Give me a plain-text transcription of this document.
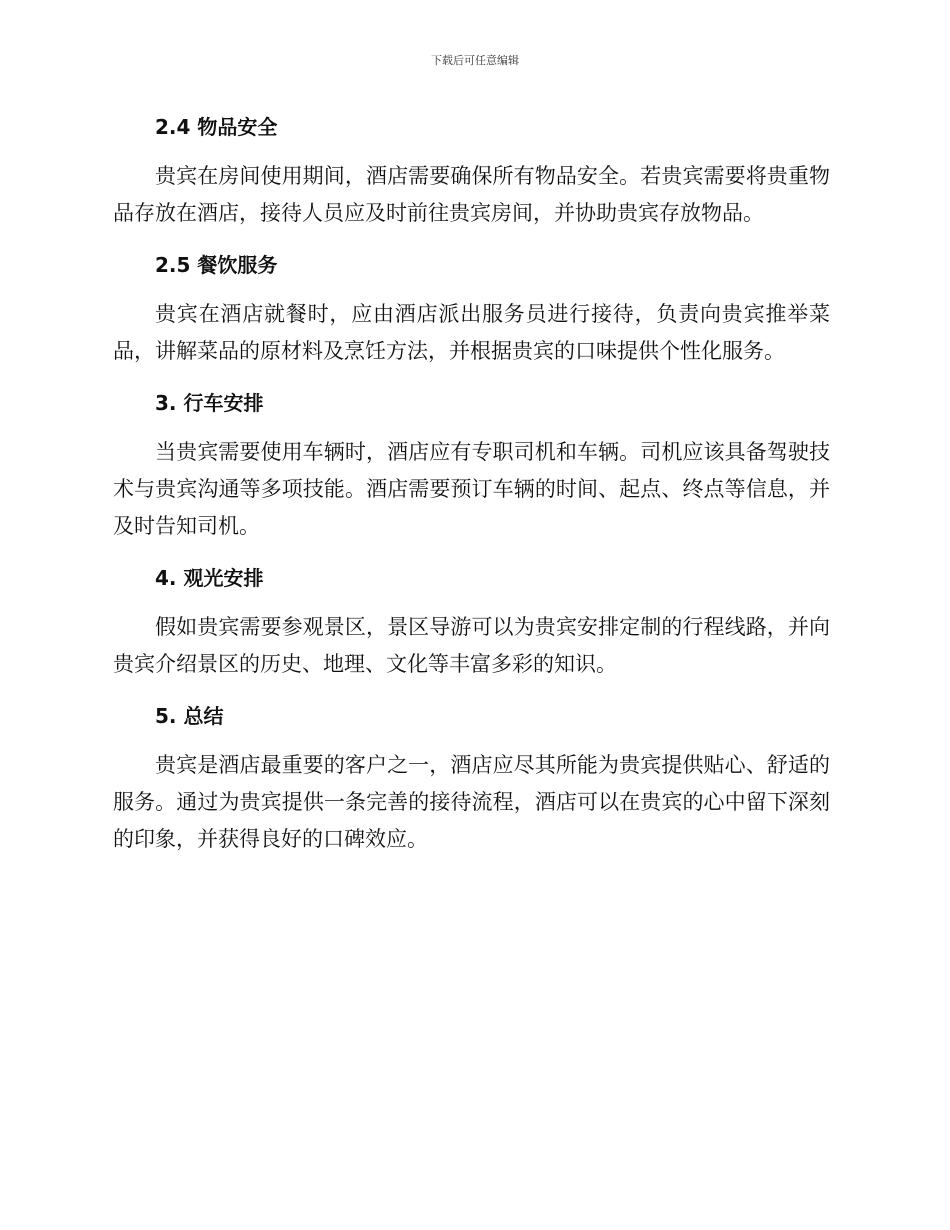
下载后可任意编辑
2.4 物品安全

贵宾在房间使用期间，酒店需要确保所有物品安全。若贵宾需要将贵重物品存放在酒店，接待人员应及时前往贵宾房间，并协助贵宾存放物品。

2.5 餐饮服务

贵宾在酒店就餐时，应由酒店派出服务员进行接待，负责向贵宾推举菜品，讲解菜品的原材料及烹饪方法，并根据贵宾的口味提供个性化服务。

3. 行车安排

当贵宾需要使用车辆时，酒店应有专职司机和车辆。司机应该具备驾驶技术与贵宾沟通等多项技能。酒店需要预订车辆的时间、起点、终点等信息，并及时告知司机。

4. 观光安排

假如贵宾需要参观景区，景区导游可以为贵宾安排定制的行程线路，并向贵宾介绍景区的历史、地理、文化等丰富多彩的知识。

5. 总结

贵宾是酒店最重要的客户之一，酒店应尽其所能为贵宾提供贴心、舒适的服务。通过为贵宾提供一条完善的接待流程，酒店可以在贵宾的心中留下深刻的印象，并获得良好的口碑效应。
